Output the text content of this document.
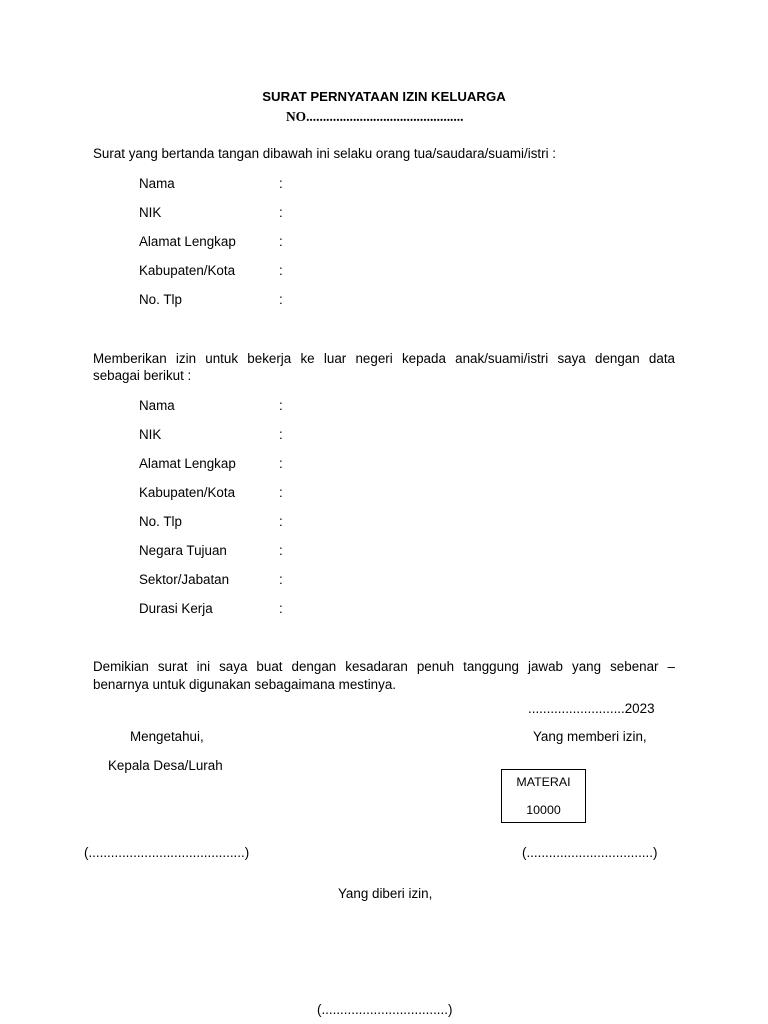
SURAT PERNYATAAN IZIN KELUARGA
NO...............................................
Surat yang bertanda tangan dibawah ini selaku orang tua/saudara/suami/istri :
Nama	:
NIK	:
Alamat Lengkap	:
Kabupaten/Kota	:
No. Tlp	:
Memberikan izin untuk bekerja ke luar negeri kepada anak/suami/istri saya dengan data
sebagai berikut :
Nama	:
NIK	:
Alamat Lengkap	:
Kabupaten/Kota	:
No. Tlp	:
Negara Tujuan	:
Sektor/Jabatan	:
Durasi Kerja	:
Demikian surat ini saya buat dengan kesadaran penuh tanggung jawab yang sebenar –
benarnya untuk digunakan sebagaimana mestinya.
..........................2023
Mengetahui,	Yang memberi izin,
Kepala Desa/Lurah
MATERAI
10000
(..........................................)	(..................................)
Yang diberi izin,
(..................................)
